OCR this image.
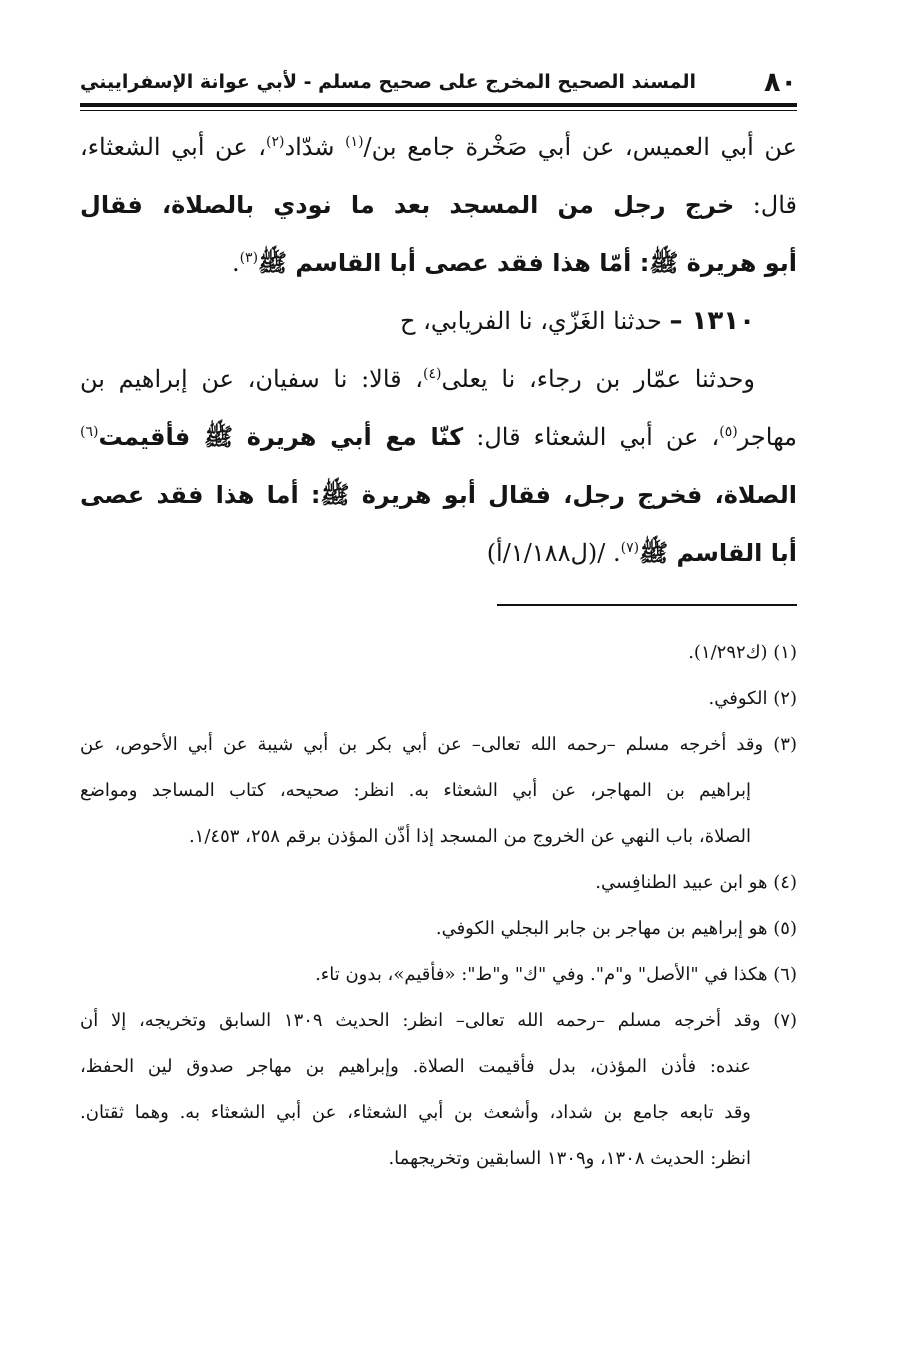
٨٠
المسند الصحيح المخرج على صحيح مسلم - لأبي عوانة الإسفراييني
عن أبي العميس، عن أبي صَخْرة جامع بن/$^{(١)}$ شدّاد$^{(٢)}$، عن أبي الشعثاء،
قال: خرج رجل من المسجد بعد ما نودي بالصلاة، فقال
أبو هريرة ﷺ: أمّا هذا فقد عصى أبا القاسم ﷺ$^{(٣)}$.
١٣١٠ – حدثنا الغَزّي، نا الفريابي، ح
وحدثنا عمّار بن رجاء، نا يعلى$^{(٤)}$، قالا: نا سفيان، عن إبراهيم بن
مهاجر$^{(٥)}$، عن أبي الشعثاء قال: كنّا مع أبي هريرة ﷺ فأقيمت$^{(٦)}$
الصلاة، فخرج رجل، فقال أبو هريرة ﷺ: أما هذا فقد عصى
أبا القاسم ﷺ$^{(٧)}$. /(ل١/١٨٨/أ)
(١) (ك١/٢٩٢).
(٢) الكوفي.
(٣) وقد أخرجه مسلم –رحمه الله تعالى– عن أبي بكر بن أبي شيبة عن أبي الأحوص، عن
إبراهيم بن المهاجر، عن أبي الشعثاء به. انظر: صحيحه، كتاب المساجد ومواضع
الصلاة، باب النهي عن الخروج من المسجد إذا أذّن المؤذن برقم ٢٥٨، ١/٤٥٣.
(٤) هو ابن عبيد الطنافِسي.
(٥) هو إبراهيم بن مهاجر بن جابر البجلي الكوفي.
(٦) هكذا في "الأصل" و"م". وفي "ك" و"ط": «فأقيم»، بدون تاء.
(٧) وقد أخرجه مسلم –رحمه الله تعالى– انظر: الحديث ١٣٠٩ السابق وتخريجه، إلا أن
عنده: فأذن المؤذن، بدل فأقيمت الصلاة. وإبراهيم بن مهاجر صدوق لين الحفظ،
وقد تابعه جامع بن شداد، وأشعث بن أبي الشعثاء، عن أبي الشعثاء به. وهما ثقتان.
انظر: الحديث ١٣٠٨، و١٣٠٩ السابقين وتخريجهما.
